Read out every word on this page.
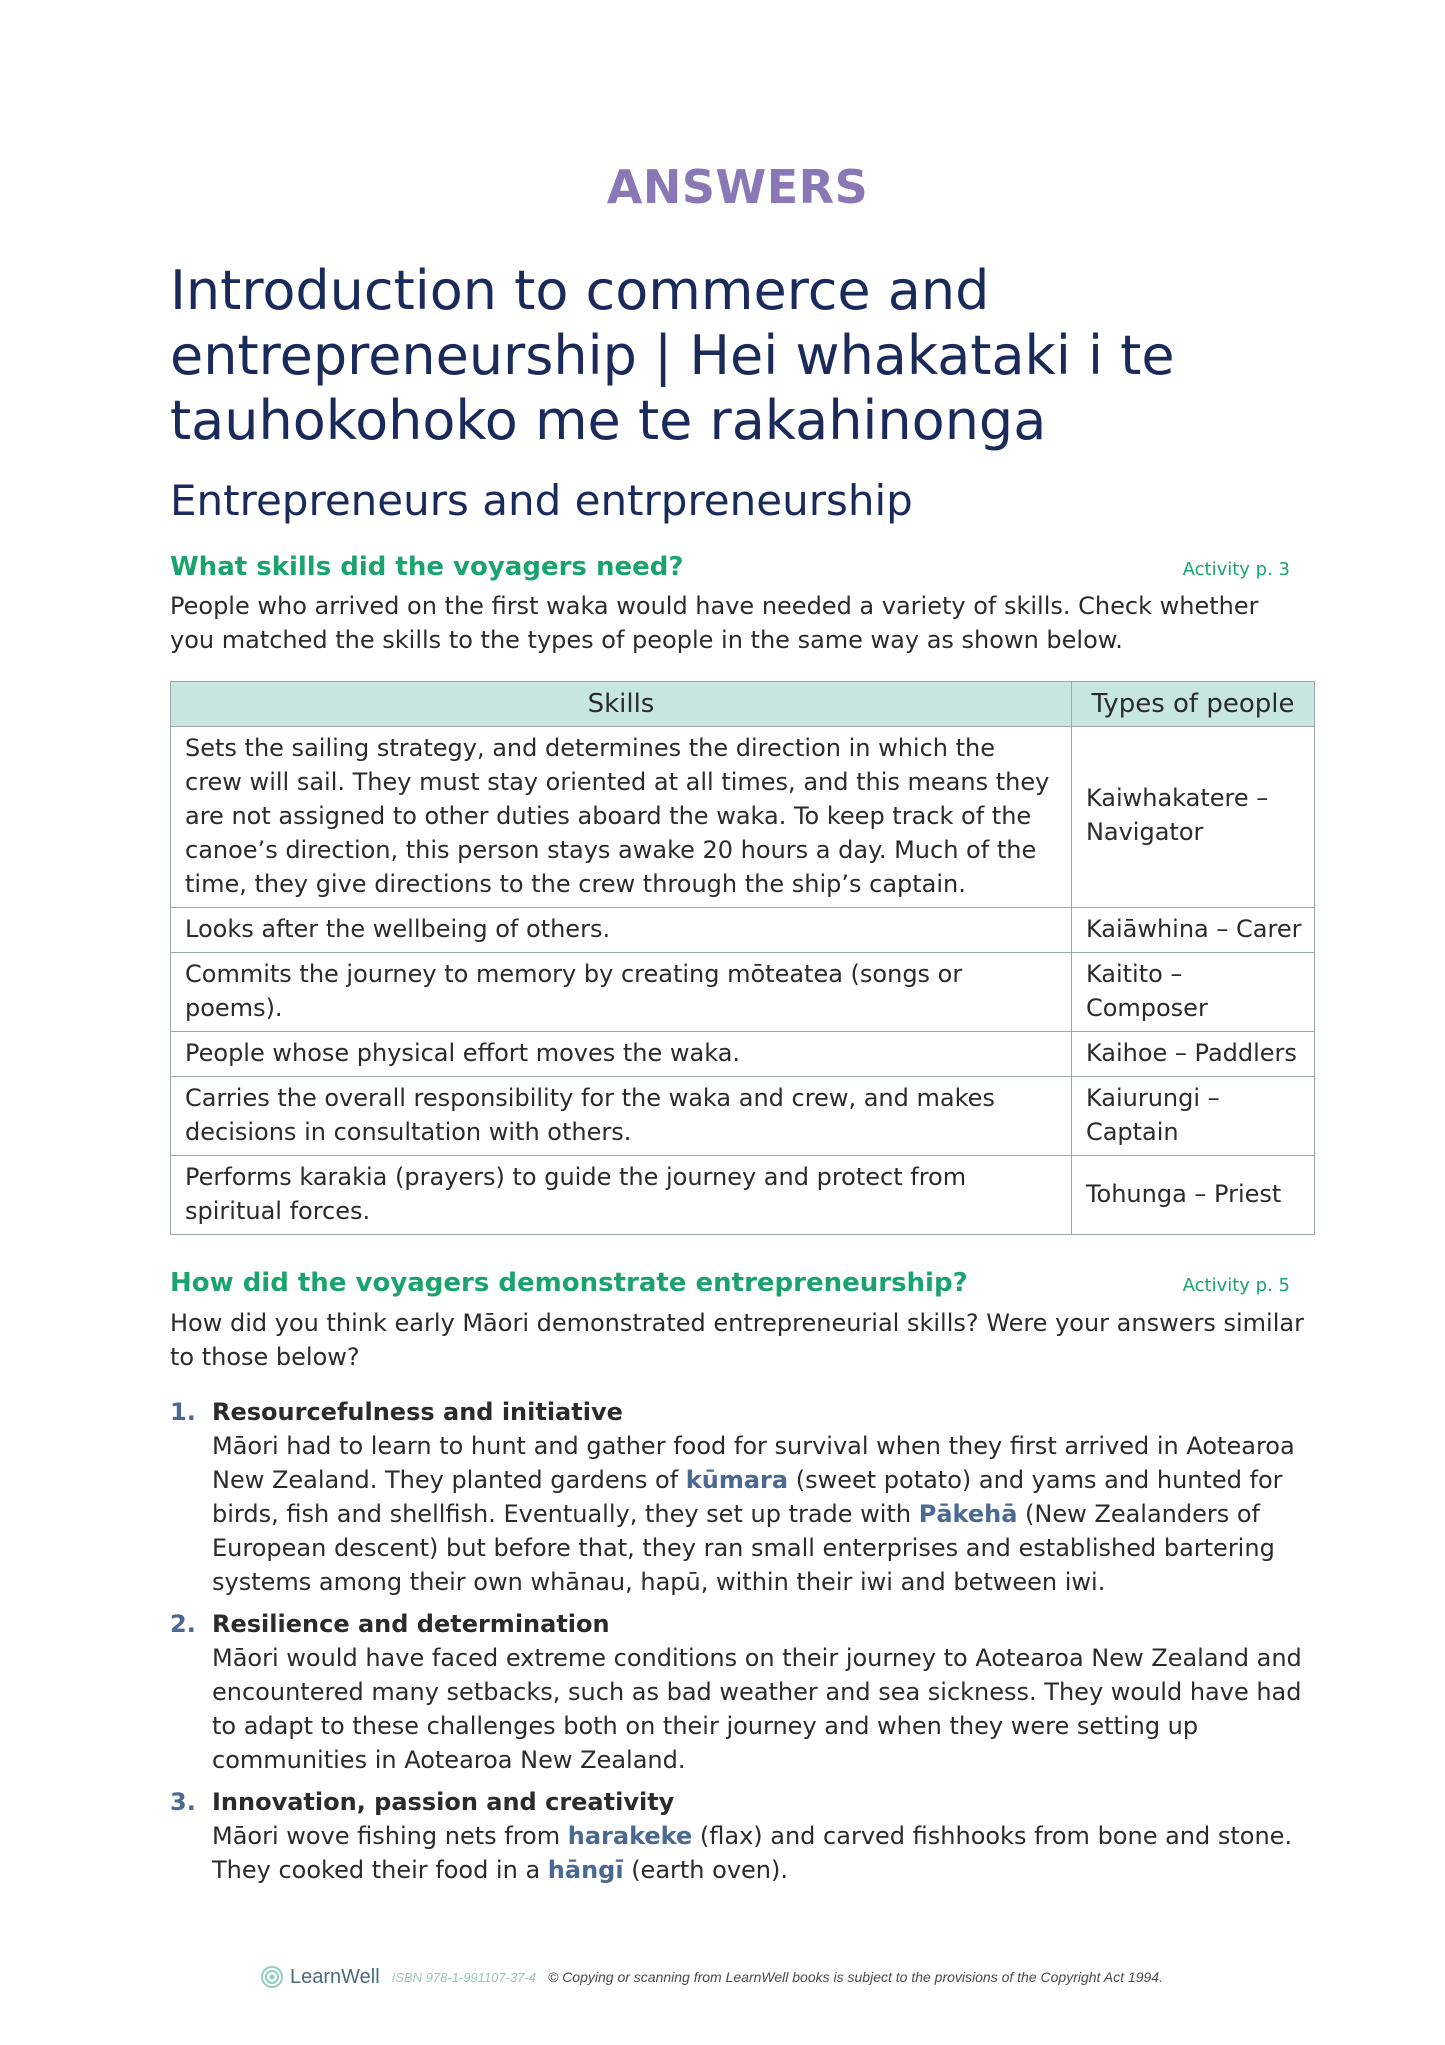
ANSWERS
Introduction to commerce and entrepreneurship | Hei whakataki i te tauhokohoko me te rakahinonga
Entrepreneurs and entrpreneurship
What skills did the voyagers need?	Activity p. 3

People who arrived on the first waka would have needed a variety of skills. Check whether you matched the skills to the types of people in the same way as shown below.

Skills	Types of people
Sets the sailing strategy, and determines the direction in which the crew will sail. They must stay oriented at all times, and this means they are not assigned to other duties aboard the waka. To keep track of the canoe’s direction, this person stays awake 20 hours a day. Much of the time, they give directions to the crew through the ship’s captain.	Kaiwhakatere – Navigator
Looks after the wellbeing of others.	Kaiāwhina – Carer
Commits the journey to memory by creating mōteatea (songs or poems).	Kaitito – Composer
People whose physical effort moves the waka.	Kaihoe – Paddlers
Carries the overall responsibility for the waka and crew, and makes decisions in consultation with others.	Kaiurungi – Captain
Performs karakia (prayers) to guide the journey and protect from spiritual forces.	Tohunga – Priest
How did the voyagers demonstrate entrepreneurship?	Activity p. 5

How did you think early Māori demonstrated entrepreneurial skills? Were your answers similar to those below?

1. Resourcefulness and initiative

Māori had to learn to hunt and gather food for survival when they first arrived in Aotearoa New Zealand. They planted gardens of kūmara (sweet potato) and yams and hunted for birds, fish and shellfish. Eventually, they set up trade with Pākehā (New Zealanders of European descent) but before that, they ran small enterprises and established bartering systems among their own whānau, hapū, within their iwi and between iwi.

2. Resilience and determination

Māori would have faced extreme conditions on their journey to Aotearoa New Zealand and encountered many setbacks, such as bad weather and sea sickness. They would have had to adapt to these challenges both on their journey and when they were setting up communities in Aotearoa New Zealand.

3. Innovation, passion and creativity

Māori wove fishing nets from harakeke (flax) and carved fishhooks from bone and stone. They cooked their food in a hāngī (earth oven).

LearnWell ISBN 978-1-991107-37-4 © Copying or scanning from LearnWell books is subject to the provisions of the Copyright Act 1994.
